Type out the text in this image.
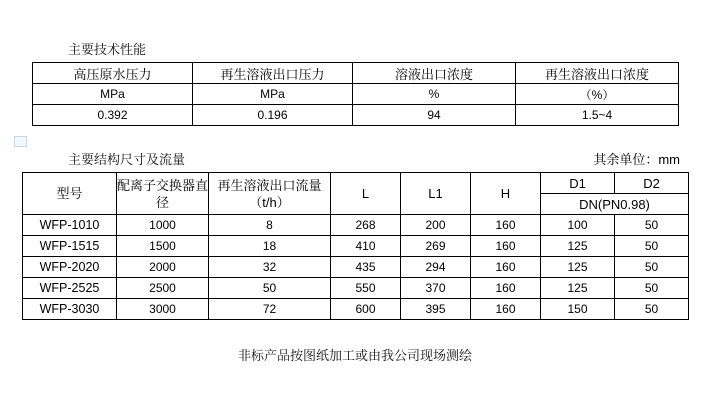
主要技术性能
高压原水压力	再生溶液出口压力	溶液出口浓度	再生溶液出口浓度
MPa	MPa	%	（%）
0.392	0.196	94	1.5~4
主要结构尺寸及流量	其余单位：mm
型号	配离子交换器直径	再生溶液出口流量（t/h）	L	L1	H	D1	D2
						DN(PN0.98)	
WFP-1010	1000	8	268	200	160	100	50
WFP-1515	1500	18	410	269	160	125	50
WFP-2020	2000	32	435	294	160	125	50
WFP-2525	2500	50	550	370	160	125	50
WFP-3030	3000	72	600	395	160	150	50
非标产品按图纸加工或由我公司现场测绘
